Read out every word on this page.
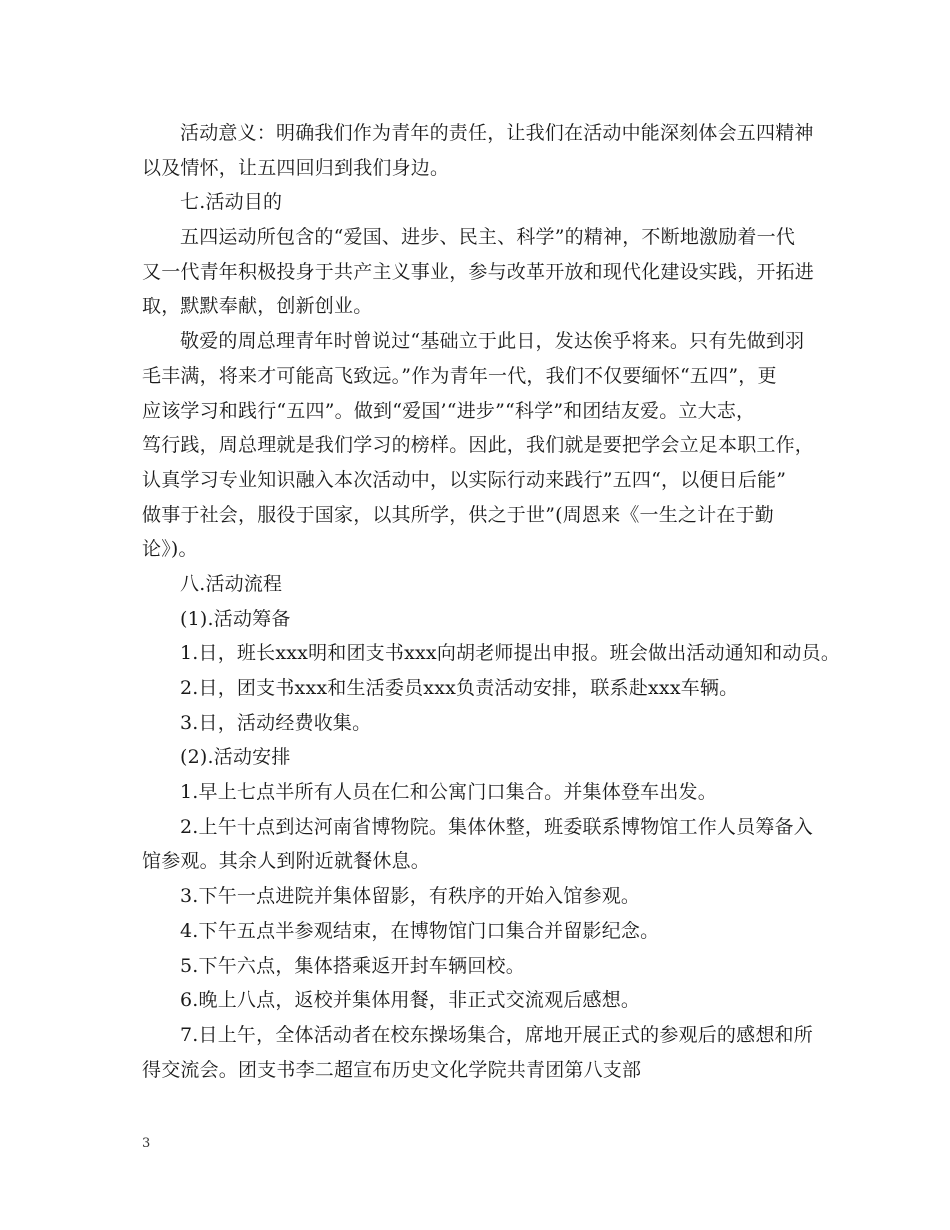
活动意义：明确我们作为青年的责任，让我们在活动中能深刻体会五四精神
以及情怀，让五四回归到我们身边。
七.活动目的
五四运动所包含的“爱国、进步、民主、科学”的精神，不断地激励着一代
又一代青年积极投身于共产主义事业，参与改革开放和现代化建设实践，开拓进
取，默默奉献，创新创业。
敬爱的周总理青年时曾说过“基础立于此日，发达俟乎将来。只有先做到羽
毛丰满，将来才可能高飞致远。”作为青年一代，我们不仅要缅怀“五四”，更
应该学习和践行“五四”。做到“爱国’“进步”“科学”和团结友爱。立大志，
笃行践，周总理就是我们学习的榜样。因此，我们就是要把学会立足本职工作，
认真学习专业知识融入本次活动中，以实际行动来践行”五四“，以便日后能”
做事于社会，服役于国家，以其所学，供之于世”(周恩来《一生之计在于勤
论》)。
八.活动流程
(1).活动筹备
1.日，班长xxx明和团支书xxx向胡老师提出申报。班会做出活动通知和动员。
2.日，团支书xxx和生活委员xxx负责活动安排，联系赴xxx车辆。
3.日，活动经费收集。
(2).活动安排
1.早上七点半所有人员在仁和公寓门口集合。并集体登车出发。
2.上午十点到达河南省博物院。集体休整，班委联系博物馆工作人员筹备入
馆参观。其余人到附近就餐休息。
3.下午一点进院并集体留影，有秩序的开始入馆参观。
4.下午五点半参观结束，在博物馆门口集合并留影纪念。
5.下午六点，集体搭乘返开封车辆回校。
6.晚上八点，返校并集体用餐，非正式交流观后感想。
7.日上午，全体活动者在校东操场集合，席地开展正式的参观后的感想和所
得交流会。团支书李二超宣布历史文化学院共青团第八支部
3
